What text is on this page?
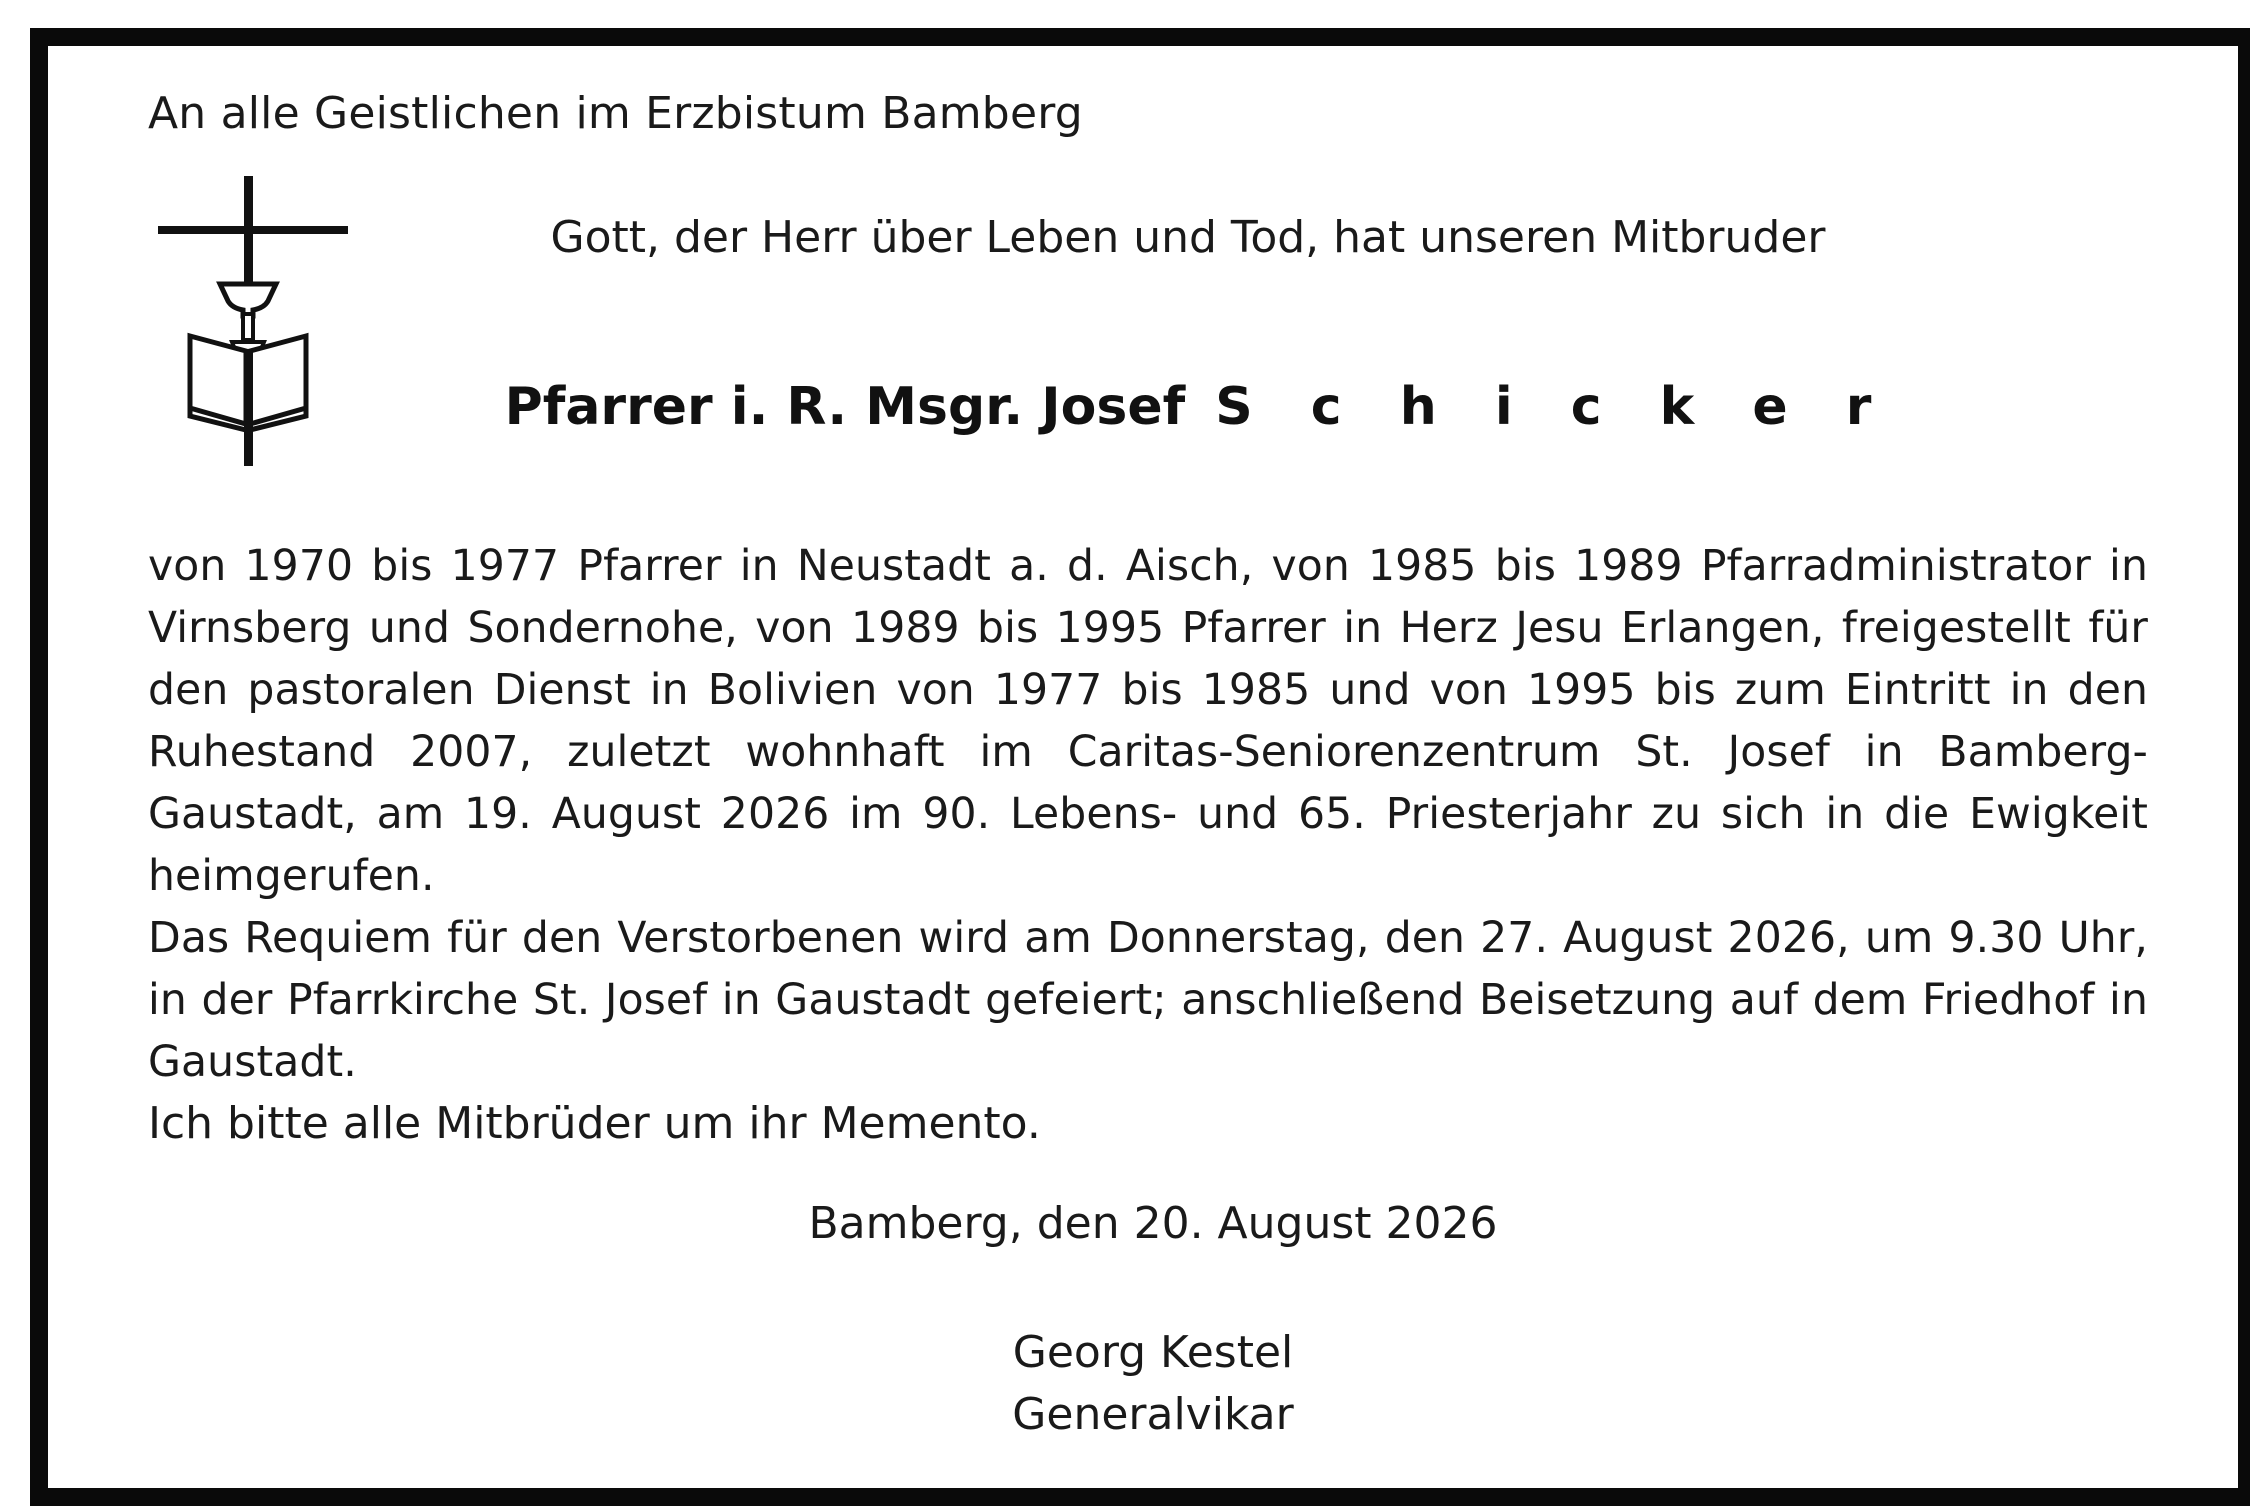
An alle Geistlichen im Erzbistum Bamberg
Gott, der Herr über Leben und Tod, hat unseren Mitbruder
Pfarrer i. R. Msgr. Josef S c h i c k e r

von 1970 bis 1977 Pfarrer in Neustadt a. d. Aisch, von 1985 bis 1989 Pfarradministrator in Virnsberg und Sondernohe, von 1989 bis 1995 Pfarrer in Herz Jesu Erlangen, freigestellt für den pastoralen Dienst in Bolivien von 1977 bis 1985 und von 1995 bis zum Eintritt in den Ruhestand 2007, zuletzt wohnhaft im Caritas-Seniorenzentrum St. Josef in Bamberg-Gaustadt, am 19. August 2026 im 90. Lebens- und 65. Priesterjahr zu sich in die Ewigkeit heimgerufen.

Das Requiem für den Verstorbenen wird am Donnerstag, den 27. August 2026, um 9.30 Uhr, in der Pfarrkirche St. Josef in Gaustadt gefeiert; anschließend Beisetzung auf dem Friedhof in Gaustadt.

Ich bitte alle Mitbrüder um ihr Memento.
Bamberg, den 20. August 2026
Georg Kestel
Generalvikar
